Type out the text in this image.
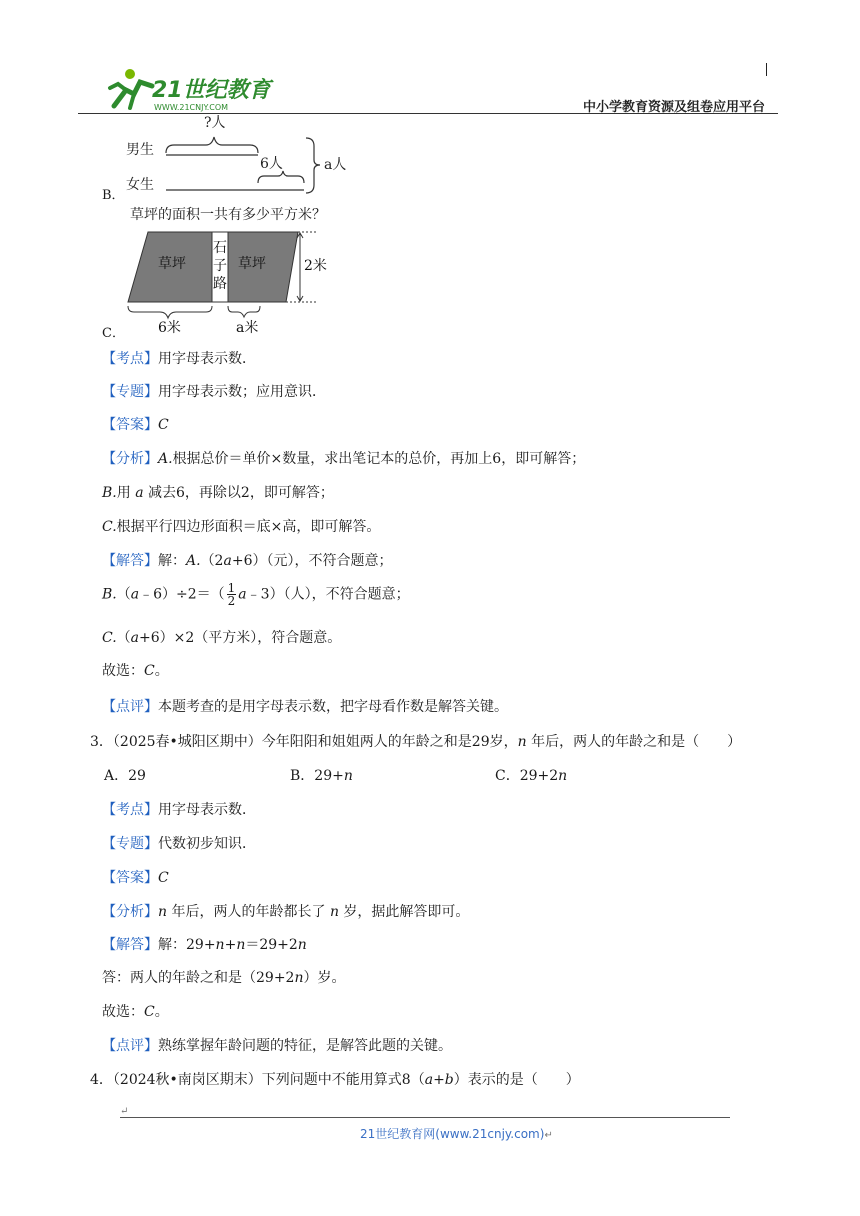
21世纪教育
WWW.21CNJY.COM	中小学教育资源及组卷应用平台
?人
男生
6人
女生
a人
B．
草坪的面积一共有多少平方米？
草坪	草坪
石
子
路
2米
6米	a米
C．
【考点】用字母表示数．
【专题】用字母表示数；应用意识．
【答案】C
【分析】A.根据总价＝单价×数量，求出笔记本的总价，再加上6，即可解答；
B.用 a 减去6，再除以2，即可解答；
C.根据平行四边形面积＝底×高，即可解答。
【解答】解：A.（2a+6）（元），不符合题意；
B.（a﹣6）÷2＝（ $\frac{1}{2}$ a﹣3）（人），不符合题意；
C.（a+6）×2（平方米），符合题意。
故选：C。
【点评】本题考查的是用字母表示数，把字母看作数是解答关键。
3．（2025春•城阳区期中）今年阳阳和姐姐两人的年龄之和是29岁，n 年后，两人的年龄之和是（　　）
A．29	B．29+n	C．29+2n
【考点】用字母表示数．
【专题】代数初步知识．
【答案】C
【分析】n 年后，两人的年龄都长了 n 岁，据此解答即可。
【解答】解：29+n+n＝29+2n
答：两人的年龄之和是（29+2n）岁。
故选：C。
【点评】熟练掌握年龄问题的特征，是解答此题的关键。
4．（2024秋•南岗区期末）下列问题中不能用算式8（a+b）表示的是（　　）
↵
21世纪教育网(www.21cnjy.com)↵
